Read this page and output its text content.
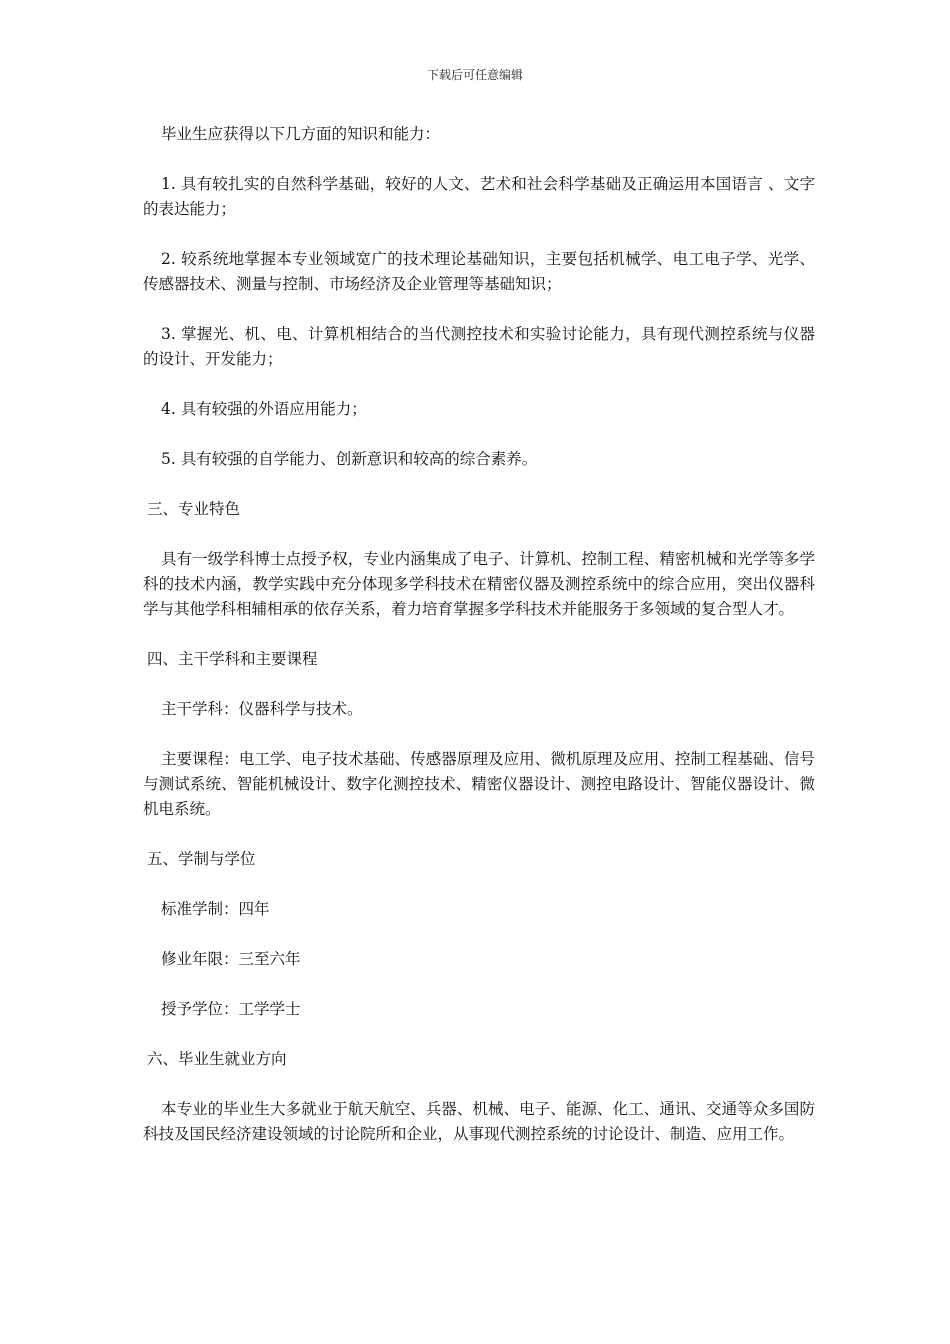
下载后可任意编辑

毕业生应获得以下几方面的知识和能力：

1. 具有较扎实的自然科学基础，较好的人文、艺术和社会科学基础及正确运用本国语言 、文字的表达能力；

2. 较系统地掌握本专业领域宽广的技术理论基础知识，主要包括机械学、电工电子学、光学、传感器技术、测量与控制、市场经济及企业管理等基础知识；

3. 掌握光、机、电、计算机相结合的当代测控技术和实验讨论能力，具有现代测控系统与仪器的设计、开发能力；

4. 具有较强的外语应用能力；

5. 具有较强的自学能力、创新意识和较高的综合素养。

三、专业特色

具有一级学科博士点授予权，专业内涵集成了电子、计算机、控制工程、精密机械和光学等多学科的技术内涵，教学实践中充分体现多学科技术在精密仪器及测控系统中的综合应用，突出仪器科学与其他学科相辅相承的依存关系，着力培育掌握多学科技术并能服务于多领域的复合型人才。

四、主干学科和主要课程

主干学科：仪器科学与技术。

主要课程：电工学、电子技术基础、传感器原理及应用、微机原理及应用、控制工程基础、信号与测试系统、智能机械设计、数字化测控技术、精密仪器设计、测控电路设计、智能仪器设计、微机电系统。

五、学制与学位

标准学制：四年

修业年限：三至六年

授予学位：工学学士

六、毕业生就业方向

本专业的毕业生大多就业于航天航空、兵器、机械、电子、能源、化工、通讯、交通等众多国防科技及国民经济建设领域的讨论院所和企业，从事现代测控系统的讨论设计、制造、应用工作。
